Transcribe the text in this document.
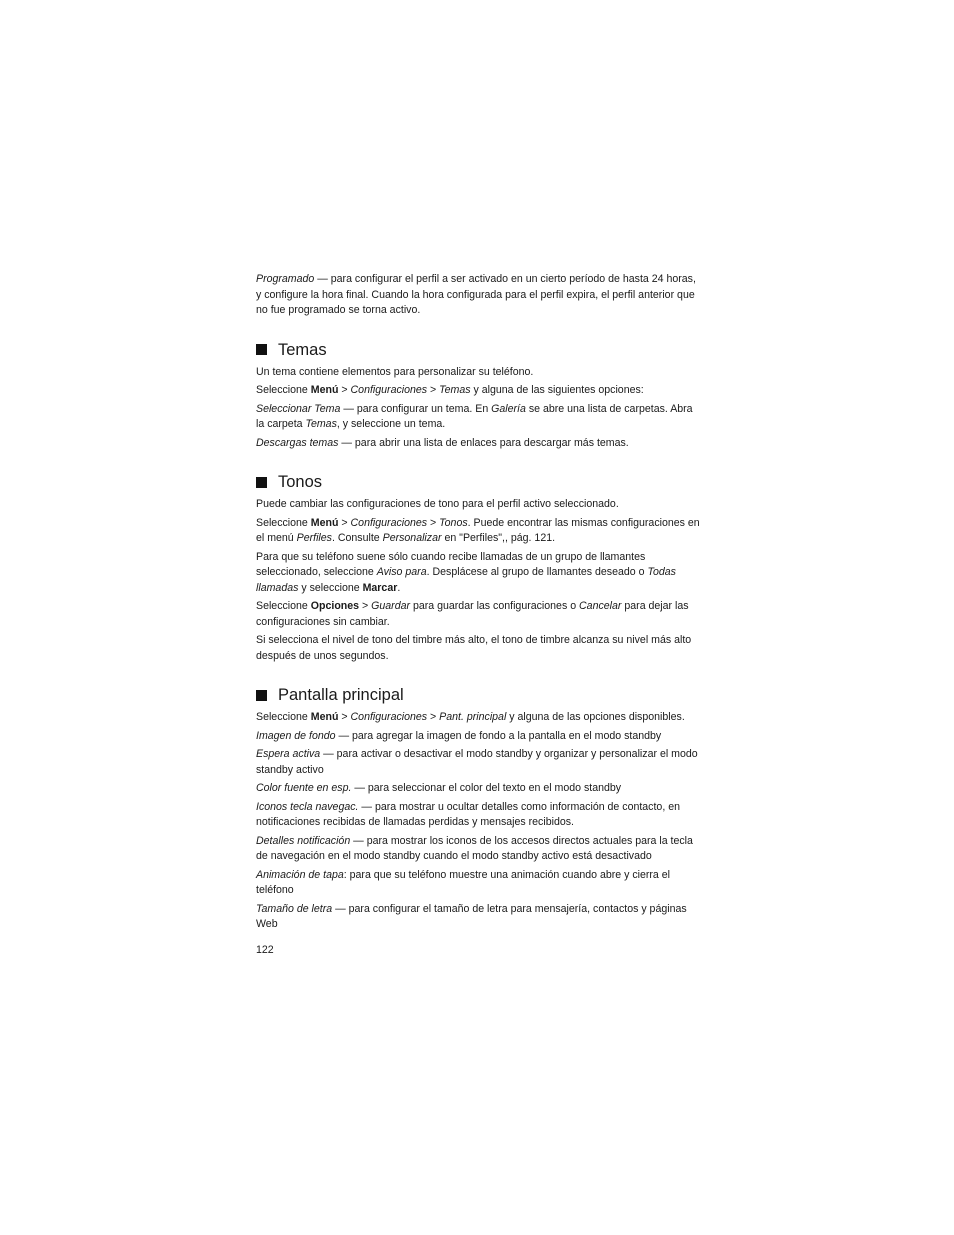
Programado — para configurar el perfil a ser activado en un cierto período de hasta 24 horas, y configure la hora final. Cuando la hora configurada para el perfil expira, el perfil anterior que no fue programado se torna activo.

Temas

Un tema contiene elementos para personalizar su teléfono.

Seleccione Menú > Configuraciones > Temas y alguna de las siguientes opciones:

Seleccionar Tema — para configurar un tema. En Galería se abre una lista de carpetas. Abra la carpeta Temas, y seleccione un tema.

Descargas temas — para abrir una lista de enlaces para descargar más temas.

Tonos

Puede cambiar las configuraciones de tono para el perfil activo seleccionado.

Seleccione Menú > Configuraciones > Tonos. Puede encontrar las mismas configuraciones en el menú Perfiles. Consulte Personalizar en "Perfiles",, pág. 121.

Para que su teléfono suene sólo cuando recibe llamadas de un grupo de llamantes seleccionado, seleccione Aviso para. Desplácese al grupo de llamantes deseado o Todas llamadas y seleccione Marcar.

Seleccione Opciones > Guardar para guardar las configuraciones o Cancelar para dejar las configuraciones sin cambiar.

Si selecciona el nivel de tono del timbre más alto, el tono de timbre alcanza su nivel más alto después de unos segundos.

Pantalla principal

Seleccione Menú > Configuraciones > Pant. principal y alguna de las opciones disponibles.

Imagen de fondo — para agregar la imagen de fondo a la pantalla en el modo standby

Espera activa — para activar o desactivar el modo standby y organizar y personalizar el modo standby activo

Color fuente en esp. — para seleccionar el color del texto en el modo standby

Iconos tecla navegac. — para mostrar u ocultar detalles como información de contacto, en notificaciones recibidas de llamadas perdidas y mensajes recibidos.

Detalles notificación — para mostrar los iconos de los accesos directos actuales para la tecla de navegación en el modo standby cuando el modo standby activo está desactivado

Animación de tapa: para que su teléfono muestre una animación cuando abre y cierra el teléfono

Tamaño de letra — para configurar el tamaño de letra para mensajería, contactos y páginas Web

122
